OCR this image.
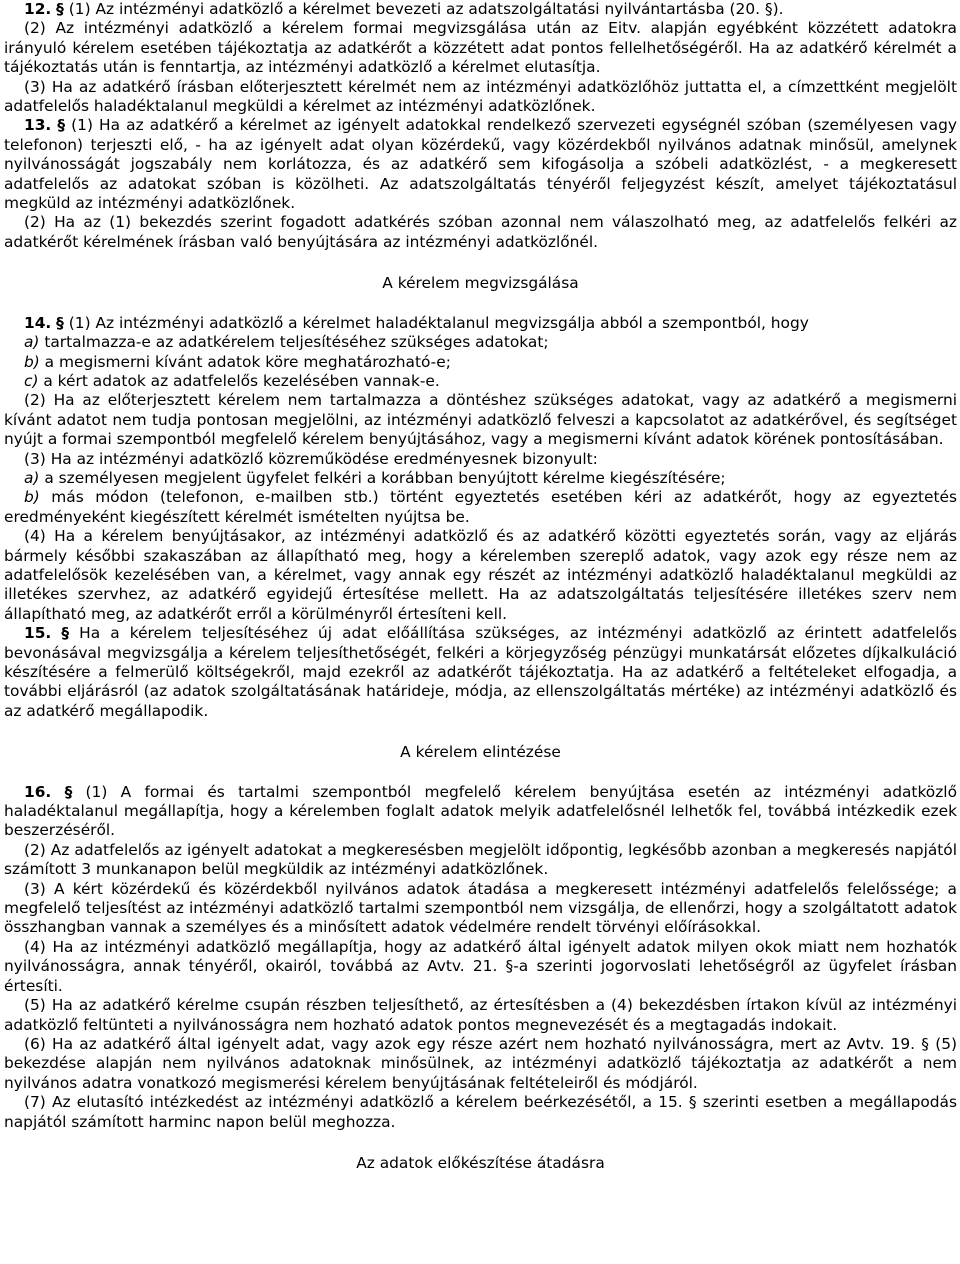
12. § (1) Az intézményi adatközlő a kérelmet bevezeti az adatszolgáltatási nyilvántartásba (20. §).

(2) Az intézményi adatközlő a kérelem formai megvizsgálása után az Eitv. alapján egyébként közzétett adatokra irányuló kérelem esetében tájékoztatja az adatkérőt a közzétett adat pontos fellelhetőségéről. Ha az adatkérő kérelmét a tájékoztatás után is fenntartja, az intézményi adatközlő a kérelmet elutasítja.

(3) Ha az adatkérő írásban előterjesztett kérelmét nem az intézményi adatközlőhöz juttatta el, a címzettként megjelölt adatfelelős haladéktalanul megküldi a kérelmet az intézményi adatközlőnek.

13. § (1) Ha az adatkérő a kérelmet az igényelt adatokkal rendelkező szervezeti egységnél szóban (személyesen vagy telefonon) terjeszti elő, - ha az igényelt adat olyan közérdekű, vagy közérdekből nyilvános adatnak minősül, amelynek nyilvánosságát jogszabály nem korlátozza, és az adatkérő sem kifogásolja a szóbeli adatközlést, - a megkeresett adatfelelős az adatokat szóban is közölheti. Az adatszolgáltatás tényéről feljegyzést készít, amelyet tájékoztatásul megküld az intézményi adatközlőnek.

(2) Ha az (1) bekezdés szerint fogadott adatkérés szóban azonnal nem válaszolható meg, az adatfelelős felkéri az adatkérőt kérelmének írásban való benyújtására az intézményi adatközlőnél.

A kérelem megvizsgálása

14. § (1) Az intézményi adatközlő a kérelmet haladéktalanul megvizsgálja abból a szempontból, hogy

a) tartalmazza-e az adatkérelem teljesítéséhez szükséges adatokat;

b) a megismerni kívánt adatok köre meghatározható-e;

c) a kért adatok az adatfelelős kezelésében vannak-e.

(2) Ha az előterjesztett kérelem nem tartalmazza a döntéshez szükséges adatokat, vagy az adatkérő a megismerni kívánt adatot nem tudja pontosan megjelölni, az intézményi adatközlő felveszi a kapcsolatot az adatkérővel, és segítséget nyújt a formai szempontból megfelelő kérelem benyújtásához, vagy a megismerni kívánt adatok körének pontosításában.

(3) Ha az intézményi adatközlő közreműködése eredményesnek bizonyult:

a) a személyesen megjelent ügyfelet felkéri a korábban benyújtott kérelme kiegészítésére;

b) más módon (telefonon, e-mailben stb.) történt egyeztetés esetében kéri az adatkérőt, hogy az egyeztetés eredményeként kiegészített kérelmét ismételten nyújtsa be.

(4) Ha a kérelem benyújtásakor, az intézményi adatközlő és az adatkérő közötti egyeztetés során, vagy az eljárás bármely későbbi szakaszában az állapítható meg, hogy a kérelemben szereplő adatok, vagy azok egy része nem az adatfelelősök kezelésében van, a kérelmet, vagy annak egy részét az intézményi adatközlő haladéktalanul megküldi az illetékes szervhez, az adatkérő egyidejű értesítése mellett. Ha az adatszolgáltatás teljesítésére illetékes szerv nem állapítható meg, az adatkérőt erről a körülményről értesíteni kell.

15. § Ha a kérelem teljesítéséhez új adat előállítása szükséges, az intézményi adatközlő az érintett adatfelelős bevonásával megvizsgálja a kérelem teljesíthetőségét, felkéri a körjegyzőség pénzügyi munkatársát előzetes díjkalkuláció készítésére a felmerülő költségekről, majd ezekről az adatkérőt tájékoztatja. Ha az adatkérő a feltételeket elfogadja, a további eljárásról (az adatok szolgáltatásának határideje, módja, az ellenszolgáltatás mértéke) az intézményi adatközlő és az adatkérő megállapodik.

A kérelem elintézése

16. § (1) A formai és tartalmi szempontból megfelelő kérelem benyújtása esetén az intézményi adatközlő haladéktalanul megállapítja, hogy a kérelemben foglalt adatok melyik adatfelelősnél lelhetők fel, továbbá intézkedik ezek beszerzéséről.

(2) Az adatfelelős az igényelt adatokat a megkeresésben megjelölt időpontig, legkésőbb azonban a megkeresés napjától számított 3 munkanapon belül megküldik az intézményi adatközlőnek.

(3) A kért közérdekű és közérdekből nyilvános adatok átadása a megkeresett intézményi adatfelelős felelőssége; a megfelelő teljesítést az intézményi adatközlő tartalmi szempontból nem vizsgálja, de ellenőrzi, hogy a szolgáltatott adatok összhangban vannak a személyes és a minősített adatok védelmére rendelt törvényi előírásokkal.

(4) Ha az intézményi adatközlő megállapítja, hogy az adatkérő által igényelt adatok milyen okok miatt nem hozhatók nyilvánosságra, annak tényéről, okairól, továbbá az Avtv. 21. §-a szerinti jogorvoslati lehetőségről az ügyfelet írásban értesíti.

(5) Ha az adatkérő kérelme csupán részben teljesíthető, az értesítésben a (4) bekezdésben írtakon kívül az intézményi adatközlő feltünteti a nyilvánosságra nem hozható adatok pontos megnevezését és a megtagadás indokait.

(6) Ha az adatkérő által igényelt adat, vagy azok egy része azért nem hozható nyilvánosságra, mert az Avtv. 19. § (5) bekezdése alapján nem nyilvános adatoknak minősülnek, az intézményi adatközlő tájékoztatja az adatkérőt a nem nyilvános adatra vonatkozó megismerési kérelem benyújtásának feltételeiről és módjáról.

(7) Az elutasító intézkedést az intézményi adatközlő a kérelem beérkezésétől, a 15. § szerinti esetben a megállapodás napjától számított harminc napon belül meghozza.

Az adatok előkészítése átadásra
